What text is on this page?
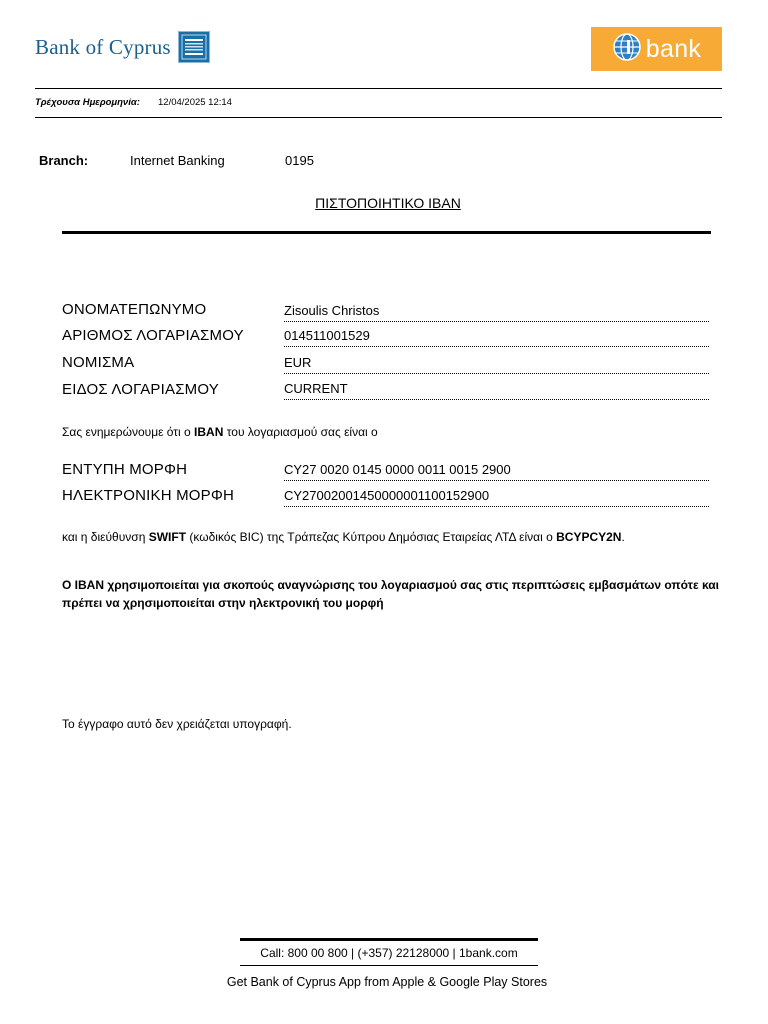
Bank of Cyprus	bank
Τρέχουσα Ημερομηνία: 12/04/2025 12:14
Branch:	Internet Banking	0195
ΠΙΣΤΟΠΟΙΗΤΙΚΟ IBAN
ΟΝΟΜΑΤΕΠΩΝΥΜΟ	Zisoulis Christos
ΑΡΙΘΜΟΣ ΛΟΓΑΡΙΑΣΜΟΥ	014511001529
ΝΟΜΙΣΜΑ	EUR
ΕΙΔΟΣ ΛΟΓΑΡΙΑΣΜΟΥ	CURRENT
Σας ενημερώνουμε ότι ο IBAN του λογαριασμού σας είναι ο
ΕΝΤΥΠΗ ΜΟΡΦΗ	CY27 0020 0145 0000 0011 0015 2900
ΗΛΕΚΤΡΟΝΙΚΗ ΜΟΡΦΗ	CY27002001450000001100152900
και η διεύθυνση SWIFT (κωδικός BIC) της Τράπεζας Κύπρου Δημόσιας Εταιρείας ΛΤΔ είναι ο BCYPCY2N.
Ο IBAN χρησιμοποιείται για σκοπούς αναγνώρισης του λογαριασμού σας στις περιπτώσεις εμβασμάτων οπότε και πρέπει να χρησιμοποιείται στην ηλεκτρονική του μορφή
Το έγγραφο αυτό δεν χρειάζεται υπογραφή.
Call: 800 00 800 | (+357) 22128000 | 1bank.com
Get Bank of Cyprus App from Apple & Google Play Stores
